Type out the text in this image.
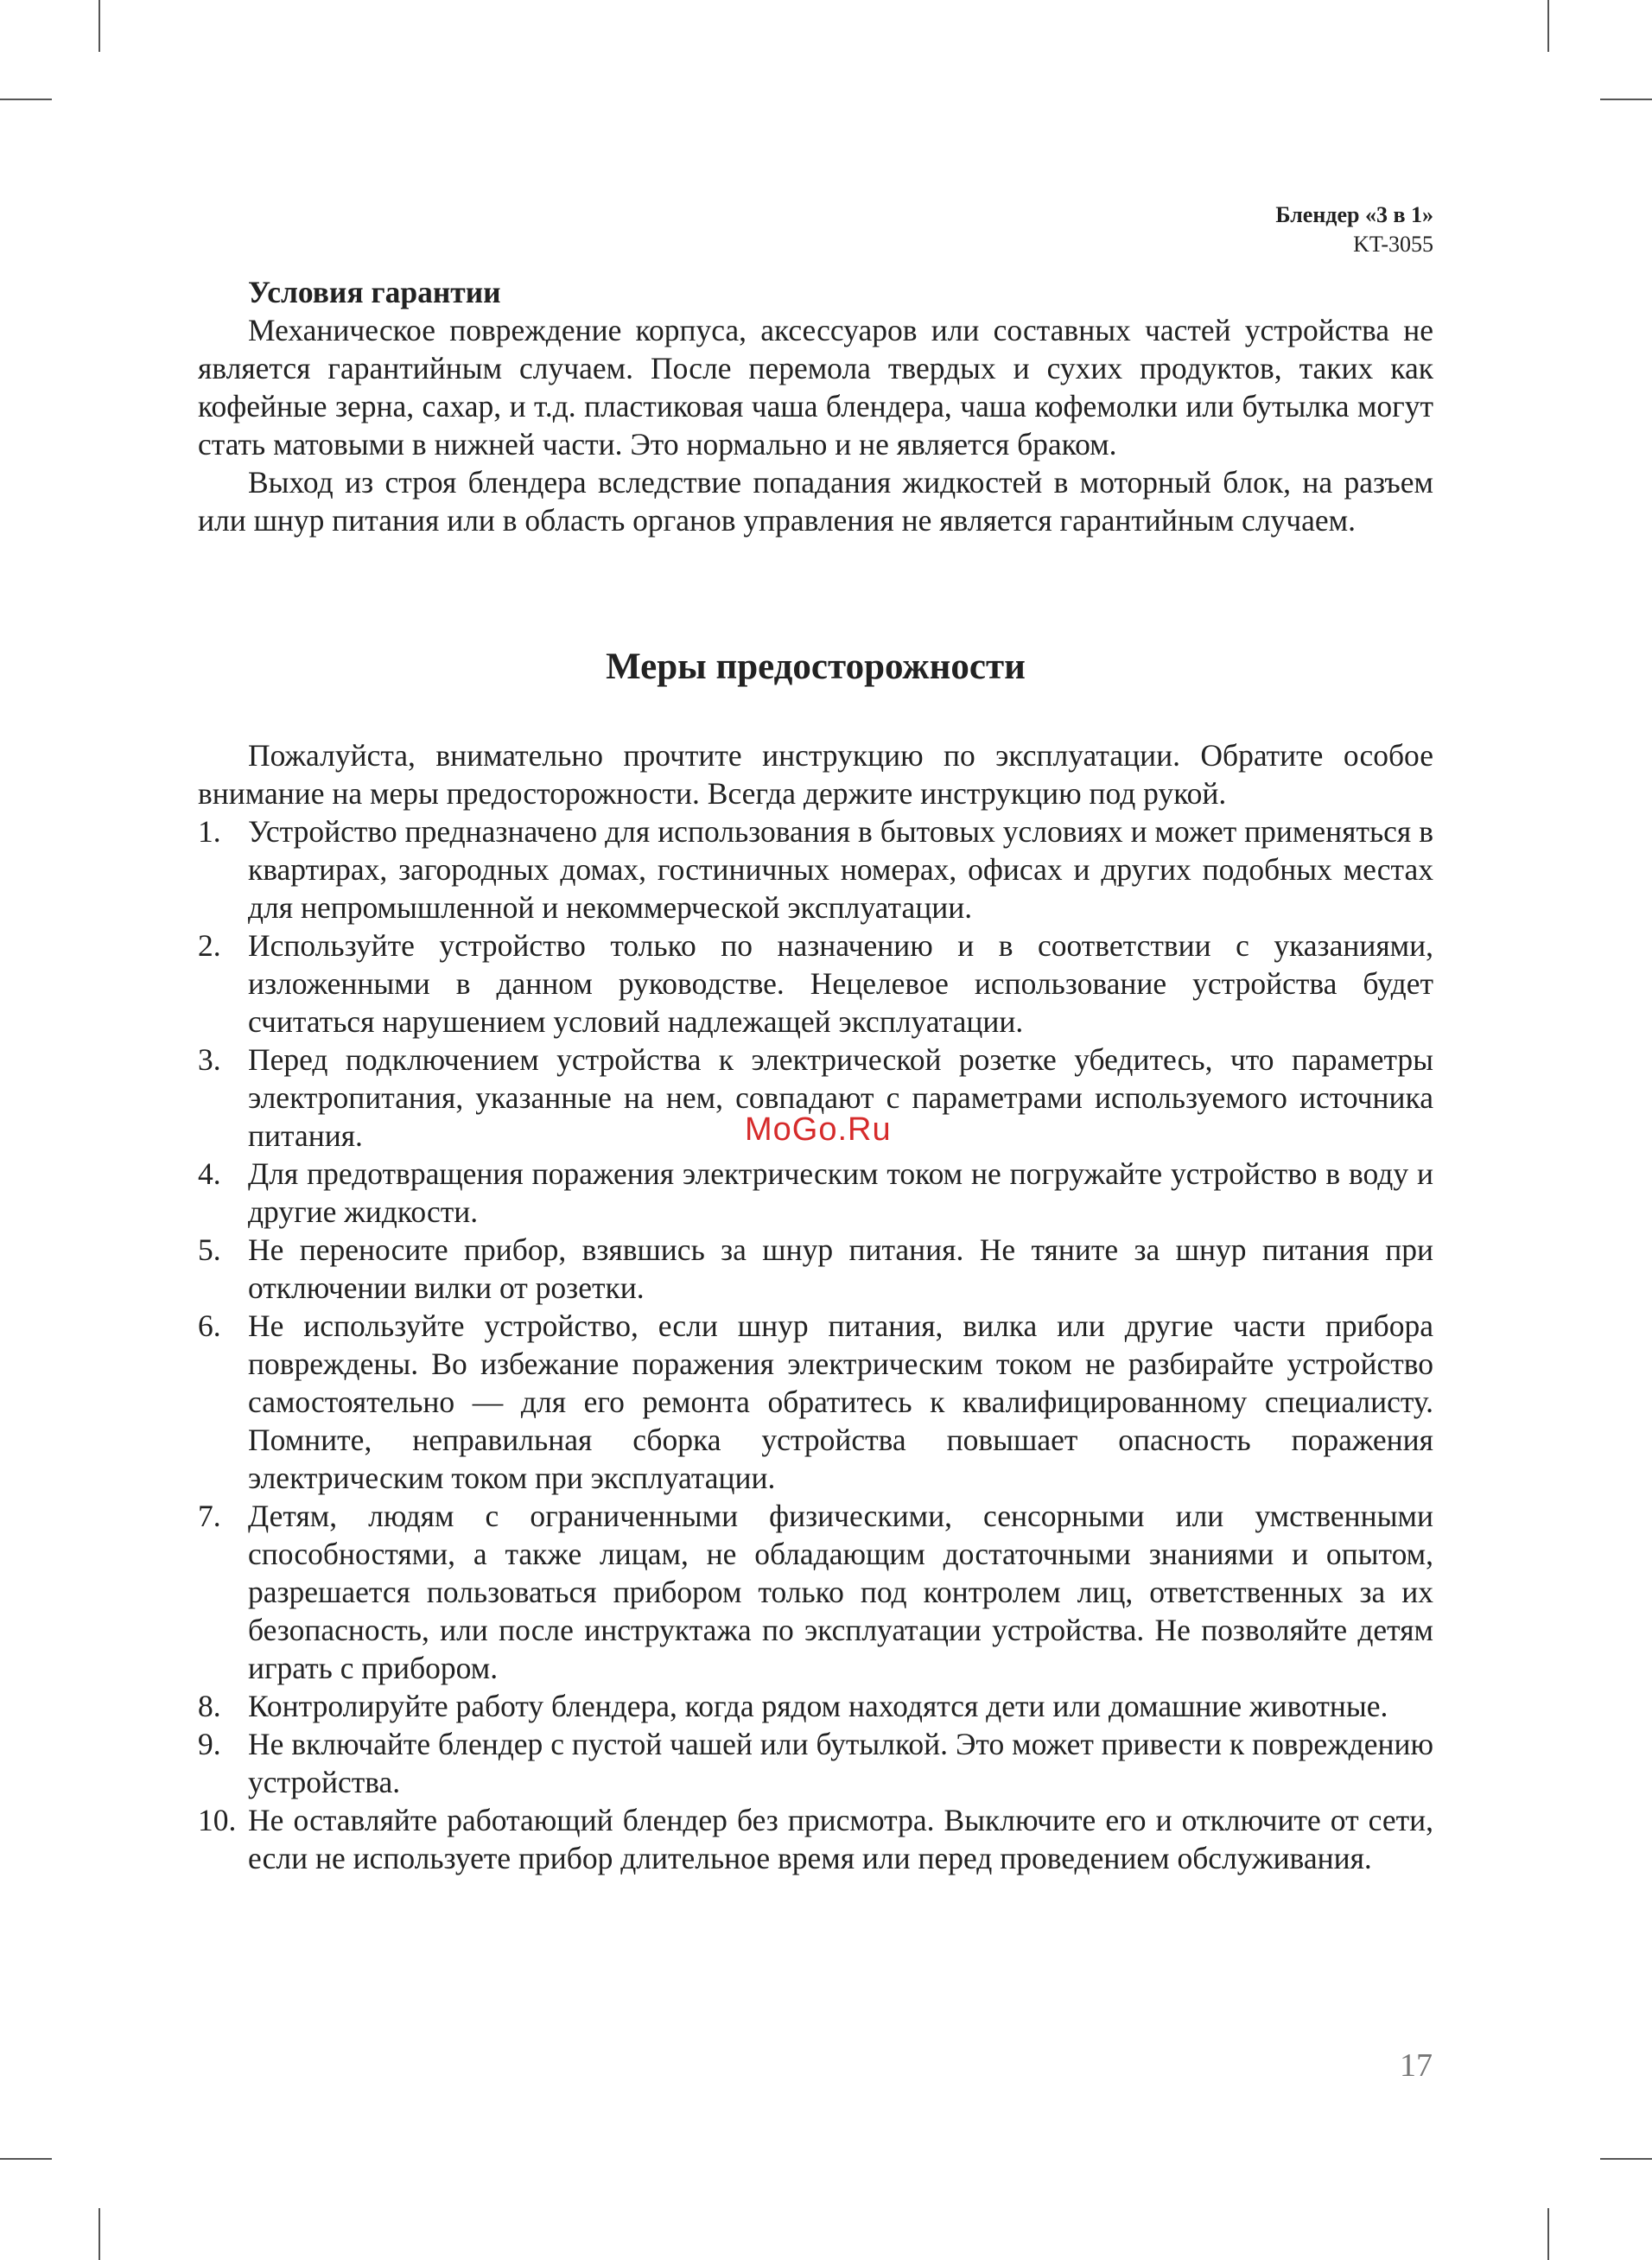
Блендер «3 в 1»
KT-3055
Условия гарантии

Механическое повреждение корпуса, аксессуаров или составных частей устройства не является гарантийным случаем. После перемола твердых и сухих продуктов, таких как кофейные зерна, сахар, и т.д. пластиковая чаша блендера, чаша кофемолки или бутылка могут стать матовыми в нижней части. Это нормально и не является браком.

Выход из строя блендера вследствие попадания жидкостей в моторный блок, на разъем или шнур питания или в область органов управления не является гарантийным случаем.

Меры предосторожности

Пожалуйста, внимательно прочтите инструкцию по эксплуатации. Обратите особое внимание на меры предосторожности. Всегда держите инструкцию под рукой.

1. Устройство предназначено для использования в бытовых условиях и может применяться в квартирах, загородных домах, гостиничных номерах, офисах и других подобных местах для непромышленной и некоммерческой эксплуатации.
2. Используйте устройство только по назначению и в соответствии с указаниями, изложенными в данном руководстве. Нецелевое использование устройства будет считаться нарушением условий надлежащей эксплуатации.
3. Перед подключением устройства к электрической розетке убедитесь, что параметры электропитания, указанные на нем, совпадают с параметрами используемого источника питания.
4. Для предотвращения поражения электрическим током не погружайте устройство в воду и другие жидкости.
5. Не переносите прибор, взявшись за шнур питания. Не тяните за шнур питания при отключении вилки от розетки.
6. Не используйте устройство, если шнур питания, вилка или другие части прибора повреждены. Во избежание поражения электрическим током не разбирайте устройство самостоятельно — для его ремонта обратитесь к квалифицированному специалисту. Помните, неправильная сборка устройства повышает опасность поражения электрическим током при эксплуатации.
7. Детям, людям с ограниченными физическими, сенсорными или умственными способностями, а также лицам, не обладающим достаточными знаниями и опытом, разрешается пользоваться прибором только под контролем лиц, ответственных за их безопасность, или после инструктажа по эксплуатации устройства. Не позволяйте детям играть с прибором.
8. Контролируйте работу блендера, когда рядом находятся дети или домашние животные.
9. Не включайте блендер с пустой чашей или бутылкой. Это может привести к повреждению устройства.
10. Не оставляйте работающий блендер без присмотра. Выключите его и отключите от сети, если не используете прибор длительное время или перед проведением обслуживания.
MoGo.Ru
17
